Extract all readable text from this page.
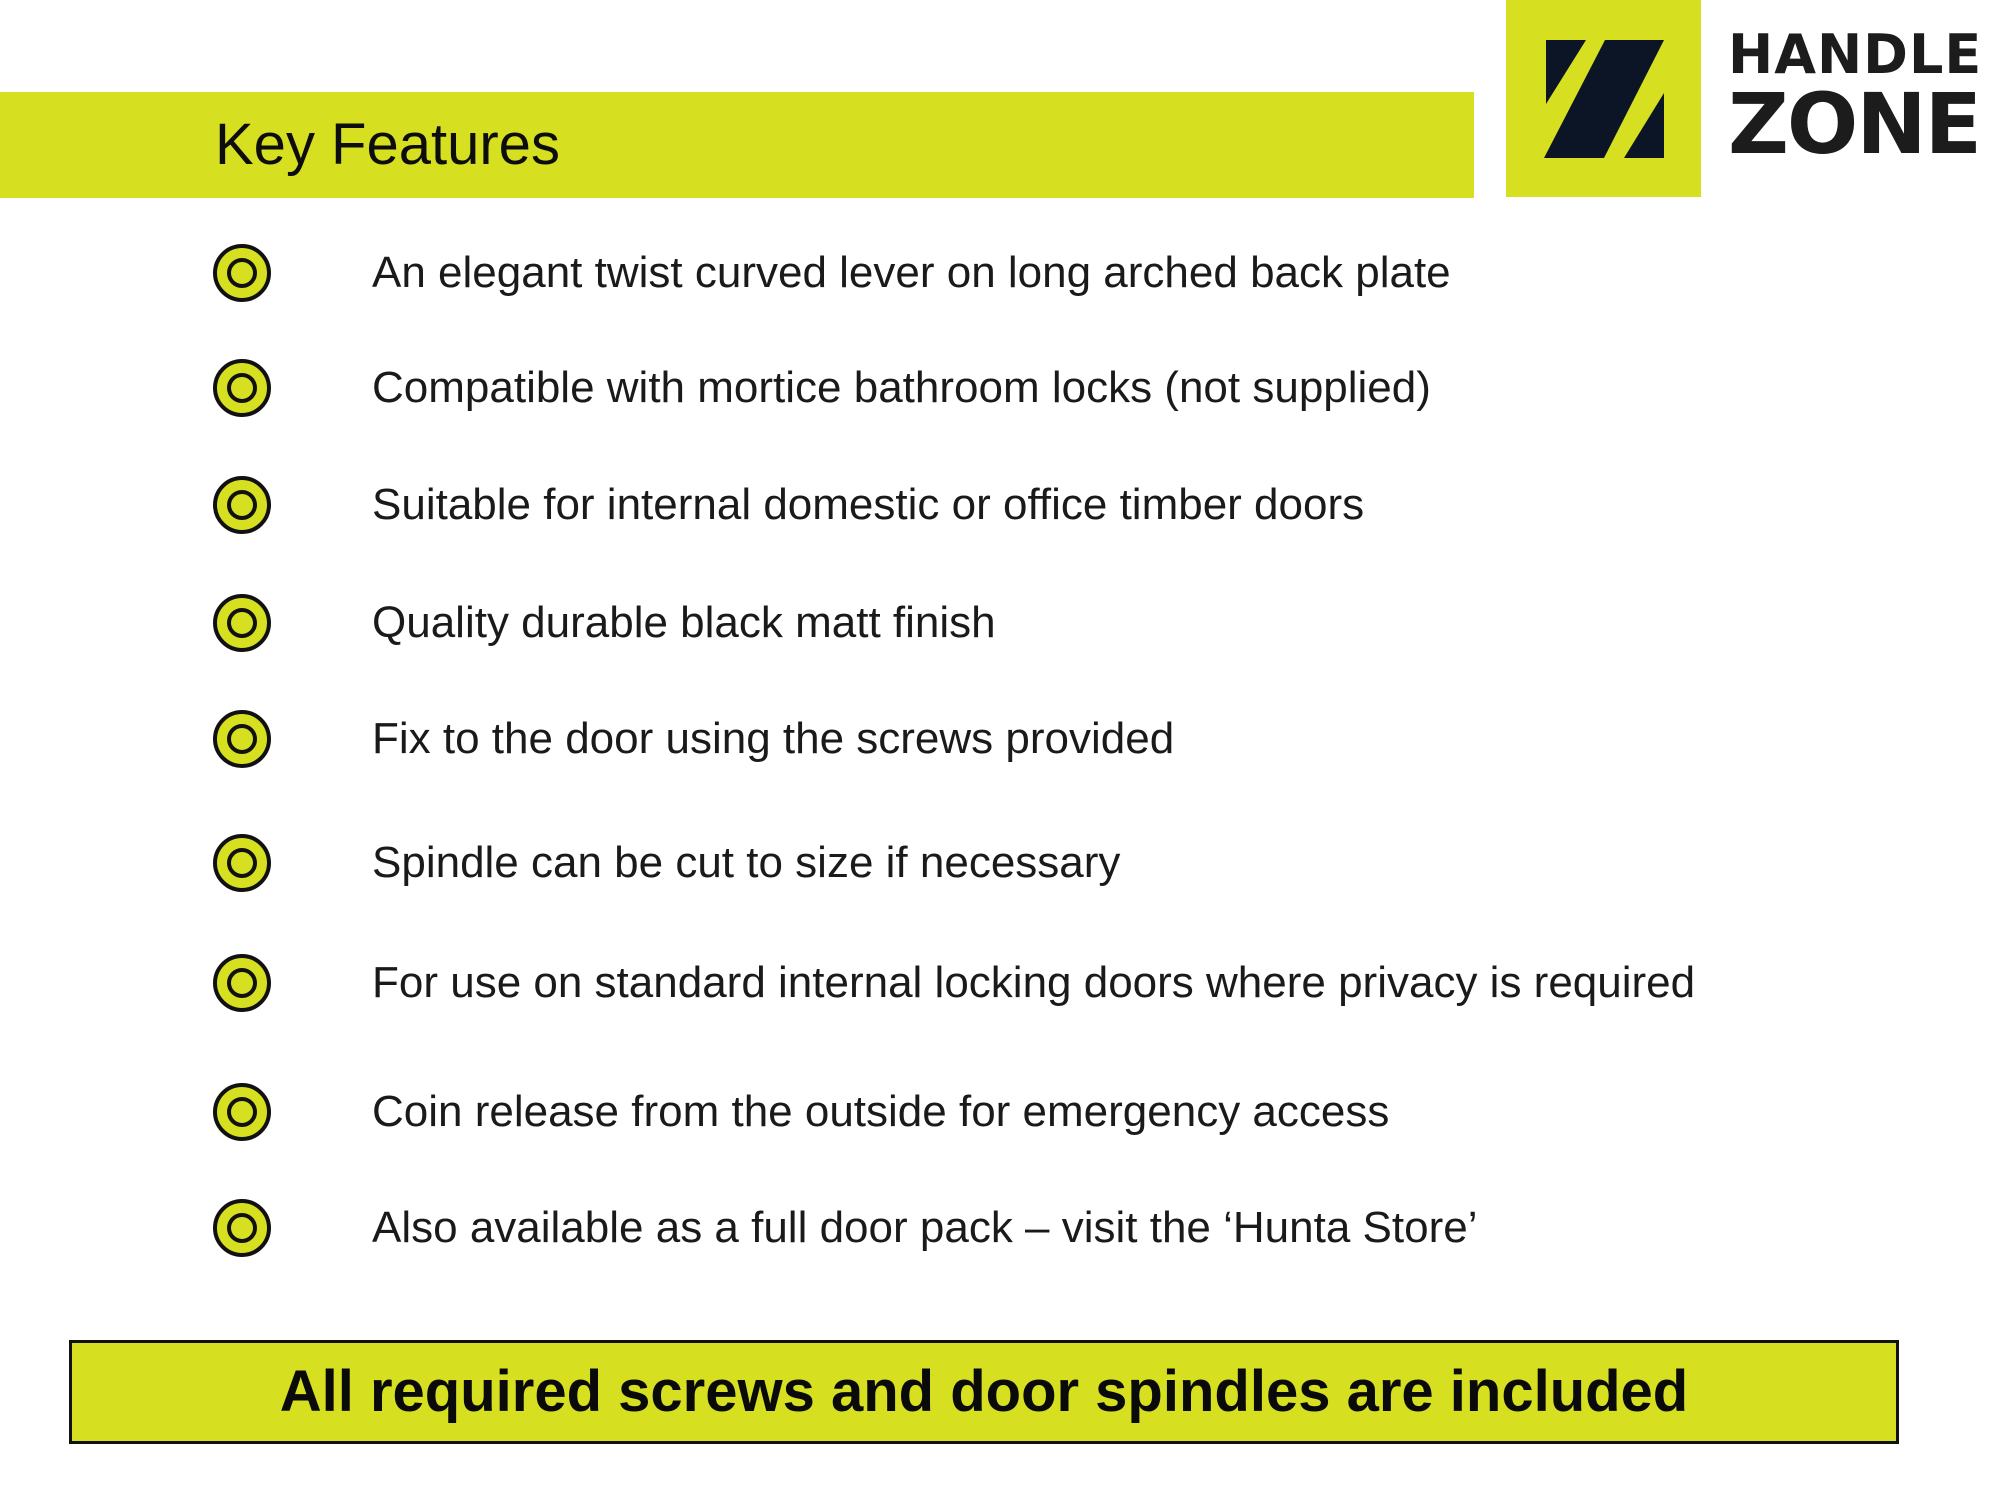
Key Features
HANDLE
ZONE
An elegant twist curved lever on long arched back plate
Compatible with mortice bathroom locks (not supplied)
Suitable for internal domestic or office timber doors
Quality durable black matt finish
Fix to the door using the screws provided
Spindle can be cut to size if necessary
For use on standard internal locking doors where privacy is required
Coin release from the outside for emergency access
Also available as a full door pack – visit the ‘Hunta Store’
All required screws and door spindles are included
